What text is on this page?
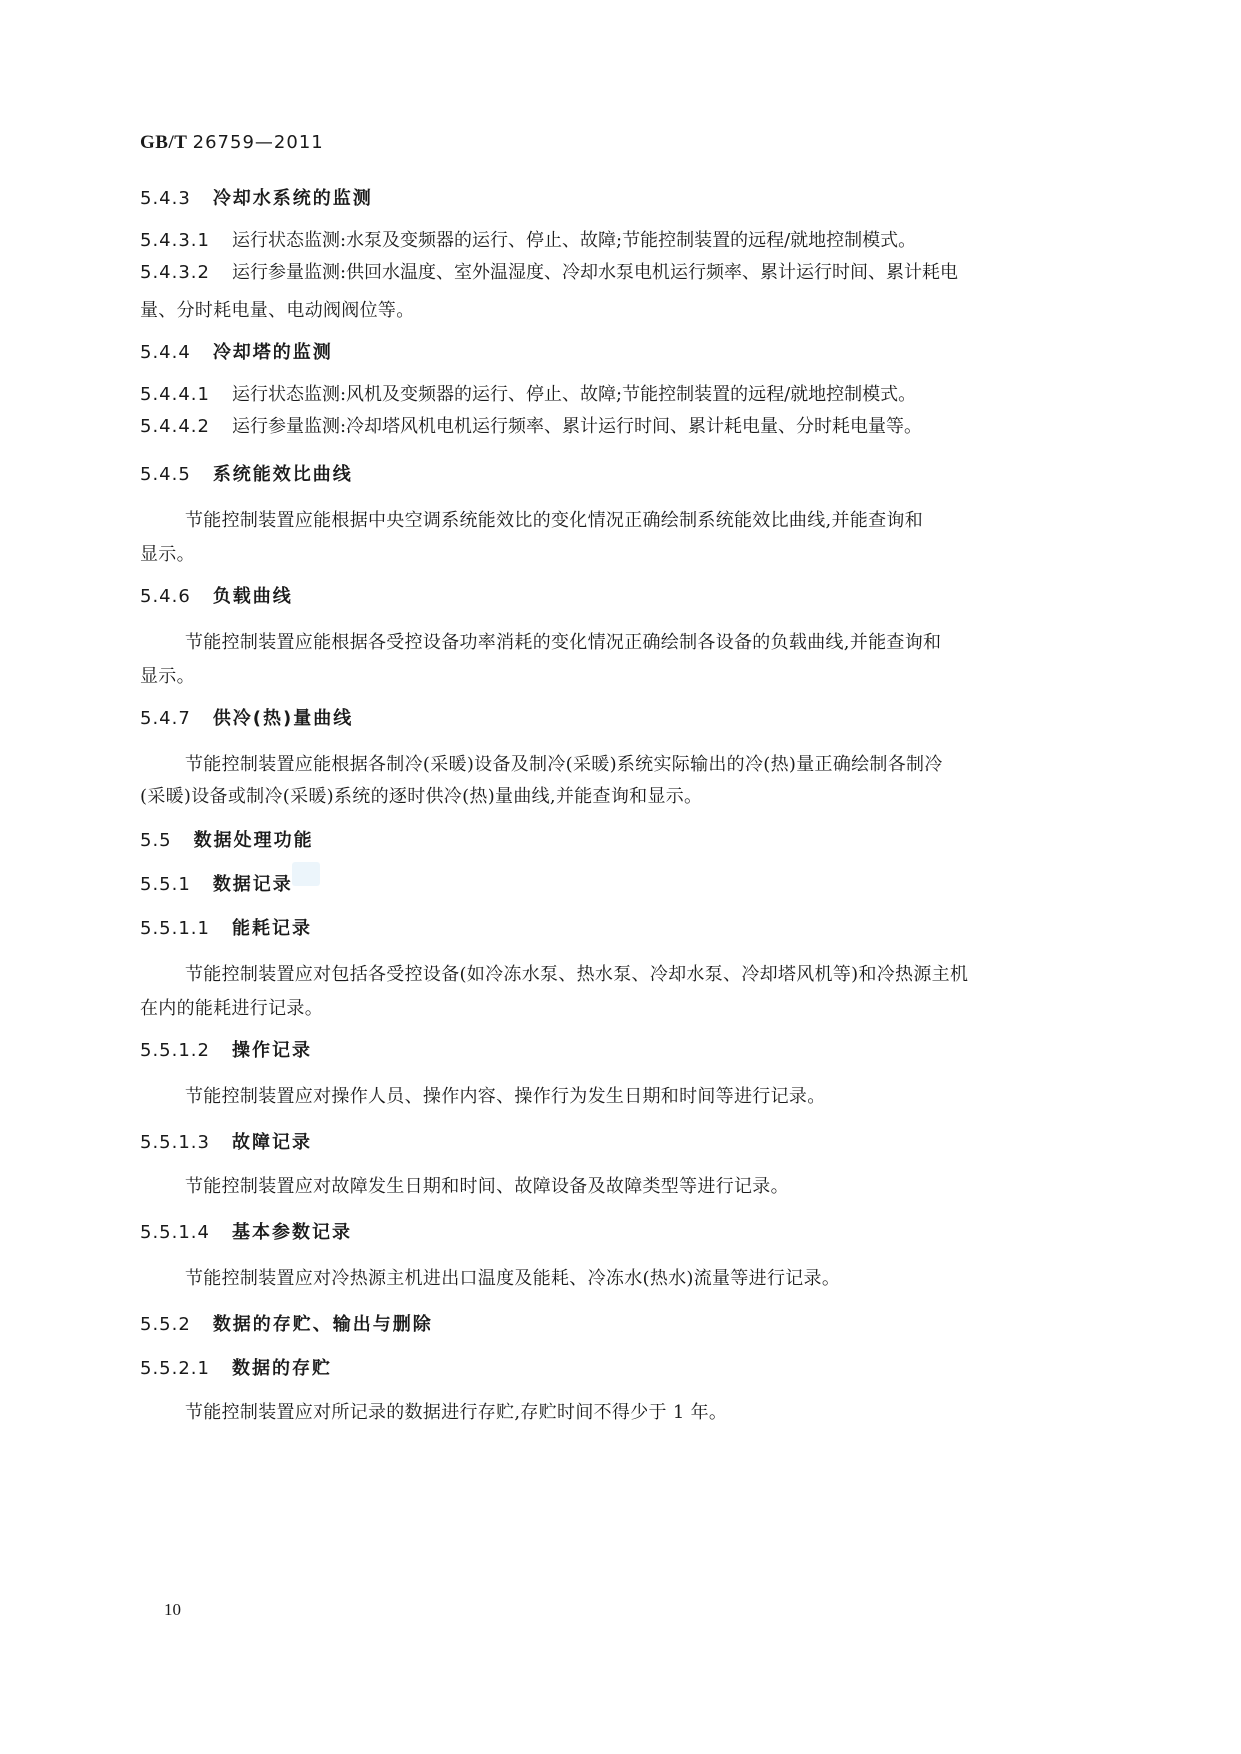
GB/T 26759—2011
5.4.3 冷却水系统的监测
5.4.3.1 运行状态监测:水泵及变频器的运行、停止、故障;节能控制装置的远程/就地控制模式。
5.4.3.2 运行参量监测:供回水温度、室外温湿度、冷却水泵电机运行频率、累计运行时间、累计耗电
量、分时耗电量、电动阀阀位等。
5.4.4 冷却塔的监测
5.4.4.1 运行状态监测:风机及变频器的运行、停止、故障;节能控制装置的远程/就地控制模式。
5.4.4.2 运行参量监测:冷却塔风机电机运行频率、累计运行时间、累计耗电量、分时耗电量等。
5.4.5 系统能效比曲线
节能控制装置应能根据中央空调系统能效比的变化情况正确绘制系统能效比曲线,并能查询和
显示。
5.4.6 负载曲线
节能控制装置应能根据各受控设备功率消耗的变化情况正确绘制各设备的负载曲线,并能查询和
显示。
5.4.7 供冷(热)量曲线
节能控制装置应能根据各制冷(采暖)设备及制冷(采暖)系统实际输出的冷(热)量正确绘制各制冷
(采暖)设备或制冷(采暖)系统的逐时供冷(热)量曲线,并能查询和显示。
5.5 数据处理功能
5.5.1 数据记录
5.5.1.1 能耗记录
节能控制装置应对包括各受控设备(如冷冻水泵、热水泵、冷却水泵、冷却塔风机等)和冷热源主机
在内的能耗进行记录。
5.5.1.2 操作记录
节能控制装置应对操作人员、操作内容、操作行为发生日期和时间等进行记录。
5.5.1.3 故障记录
节能控制装置应对故障发生日期和时间、故障设备及故障类型等进行记录。
5.5.1.4 基本参数记录
节能控制装置应对冷热源主机进出口温度及能耗、冷冻水(热水)流量等进行记录。
5.5.2 数据的存贮、输出与删除
5.5.2.1 数据的存贮
节能控制装置应对所记录的数据进行存贮,存贮时间不得少于 1 年。
10
